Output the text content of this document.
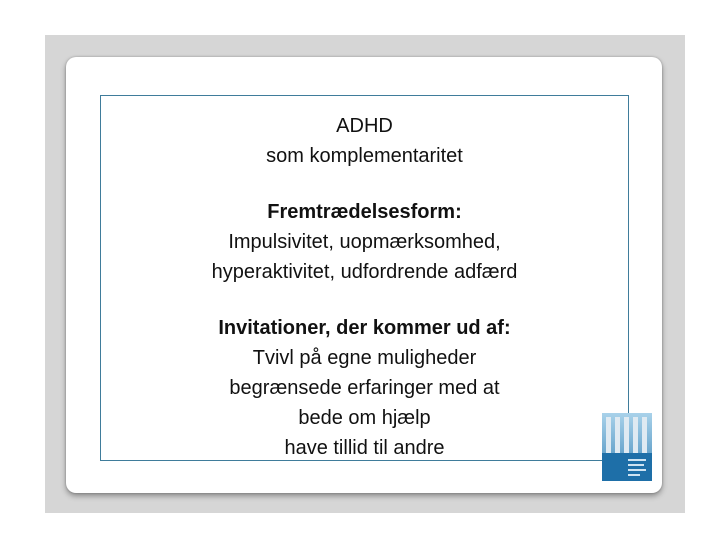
ADHD
som komplementaritet
Fremtrædelsesform:
Impulsivitet, uopmærksomhed,
hyperaktivitet, udfordrende adfærd
Invitationer, der kommer ud af:
Tvivl på egne muligheder
begrænsede erfaringer med at
bede om hjælp
have tillid til andre
